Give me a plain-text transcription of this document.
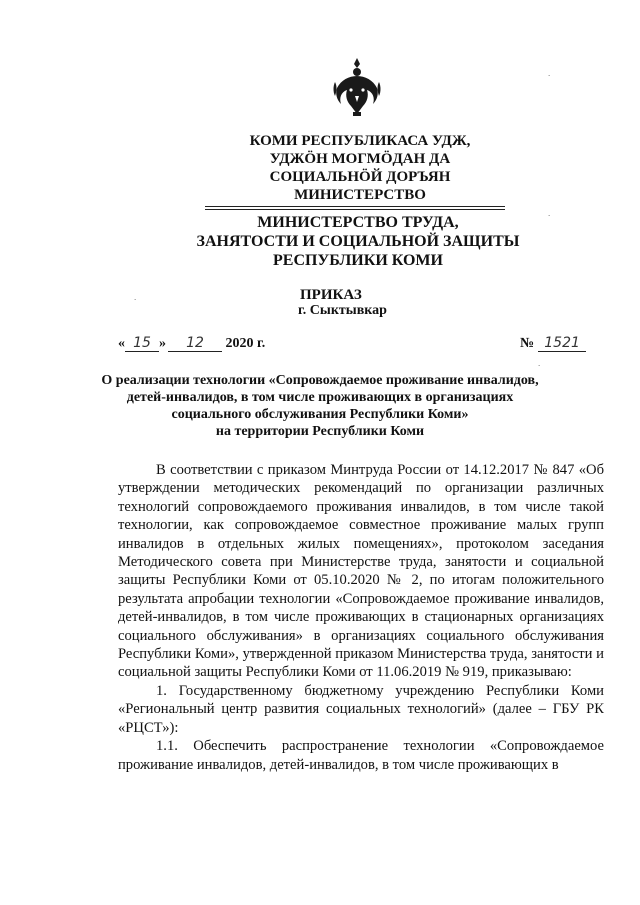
КОМИ РЕСПУБЛИКАСА УДЖ,
УДЖӦН МОГМӦДАН ДА
СОЦИАЛЬНӦЙ ДОРЪЯН
МИНИСТЕРСТВО
МИНИСТЕРСТВО ТРУДА,
ЗАНЯТОСТИ И СОЦИАЛЬНОЙ ЗАЩИТЫ
РЕСПУБЛИКИ КОМИ
ПРИКАЗ
г. Сыктывкар
« 15 » 12 2020 г.	№ 1521
О реализации технологии «Сопровождаемое проживание инвалидов,
детей-инвалидов, в том числе проживающих в организациях
социального обслуживания Республики Коми»
на территории Республики Коми

В соответствии с приказом Минтруда России от 14.12.2017 № 847 «Об утверждении методических рекомендаций по организации различных технологий сопровождаемого проживания инвалидов, в том числе такой технологии, как сопровождаемое совместное проживание малых групп инвалидов в отдельных жилых помещениях», протоколом заседания Методического совета при Министерстве труда, занятости и социальной защиты Республики Коми от 05.10.2020 № 2, по итогам положительного результата апробации технологии «Сопровождаемое проживание инвалидов, детей-инвалидов, в том числе проживающих в стационарных организациях социального обслуживания» в организациях социального обслуживания Республики Коми», утвержденной приказом Министерства труда, занятости и социальной защиты Республики Коми от 11.06.2019 № 919, приказываю:

1. Государственному бюджетному учреждению Республики Коми «Региональный центр развития социальных технологий» (далее – ГБУ РК «РЦСТ»):

1.1. Обеспечить распространение технологии «Сопровождаемое проживание инвалидов, детей-инвалидов, в том числе проживающих в

·
·
·
·
